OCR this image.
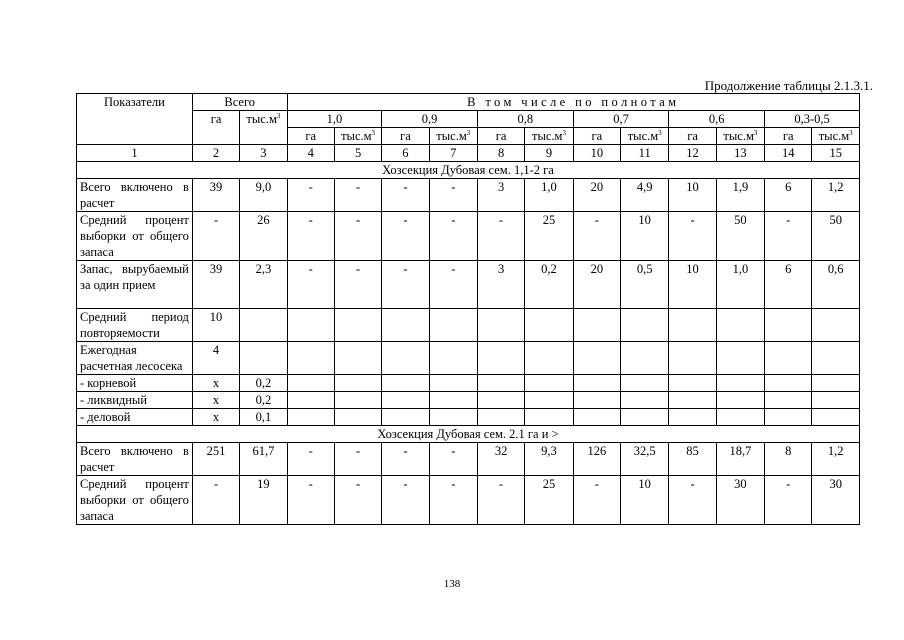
Продолжение таблицы 2.1.3.1.
Показатели	Всего		В том числе по полнотам											
	га	$тыс.м^3$	1,0		0,9		0,8		0,7		0,6		0,3-0,5	
			га	$тыс.м^3$	га	$тыс.м^3$	га	$тыс.м^3$	га	$тыс.м^3$	га	$тыс.м^3$	га	$тыс.м^3$
1	2	3	4	5	6	7	8	9	10	11	12	13	14	15
Хозсекция Дубовая сем. 1,1-2 га														
Всего включено в расчет	39	9,0	-	-	-	-	3	1,0	20	4,9	10	1,9	6	1,2
Средний процент выборки от общего запаса	-	26	-	-	-	-	-	25	-	10	-	50	-	50
Запас, вырубаемый за один прием	39	2,3	-	-	-	-	3	0,2	20	0,5	10	1,0	6	0,6
Средний период повторяемости	10													
Ежегодная расчетная лесосека	4													
- корневой	х	0,2												
- ликвидный	х	0,2												
- деловой	х	0,1												
Хозсекция Дубовая сем. 2.1 га и >														
Всего включено в расчет	251	61,7	-	-	-	-	32	9,3	126	32,5	85	18,7	8	1,2
Средний процент выборки от общего запаса	-	19	-	-	-	-	-	25	-	10	-	30	-	30
138
